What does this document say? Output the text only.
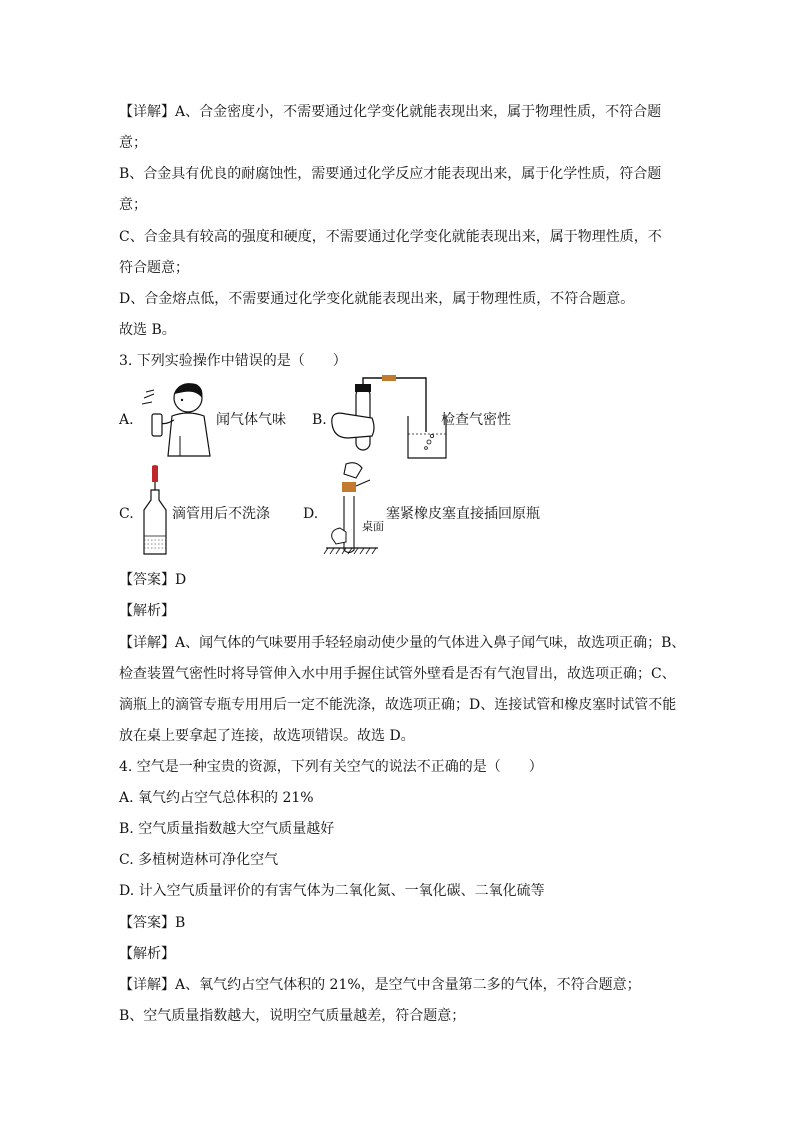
【详解】A、合金密度小，不需要通过化学变化就能表现出来，属于物理性质，不符合题
意；
B、合金具有优良的耐腐蚀性，需要通过化学反应才能表现出来，属于化学性质，符合题
意；
C、合金具有较高的强度和硬度，不需要通过化学变化就能表现出来，属于物理性质，不
符合题意；
D、合金熔点低，不需要通过化学变化就能表现出来，属于物理性质，不符合题意。
故选 B。
3. 下列实验操作中错误的是（　　）
A.	闻气体气味 B.	检查气密性
C.	滴管用后不洗涤 D.
桌面
塞紧橡皮塞直接插回原瓶
【答案】D
【解析】
【详解】A、闻气体的气味要用手轻轻扇动使少量的气体进入鼻子闻气味，故选项正确；B、
检查装置气密性时将导管伸入水中用手握住试管外壁看是否有气泡冒出，故选项正确；C、
滴瓶上的滴管专瓶专用用后一定不能洗涤，故选项正确；D、连接试管和橡皮塞时试管不能
放在桌上要拿起了连接，故选项错误。故选 D。
4. 空气是一种宝贵的资源，下列有关空气的说法不正确的是（　　）
A. 氧气约占空气总体积的 21%
B. 空气质量指数越大空气质量越好
C. 多植树造林可净化空气
D. 计入空气质量评价的有害气体为二氧化氮、一氧化碳、二氧化硫等
【答案】B
【解析】
【详解】A、氧气约占空气体积的 21%，是空气中含量第二多的气体，不符合题意；
B、空气质量指数越大，说明空气质量越差，符合题意；
